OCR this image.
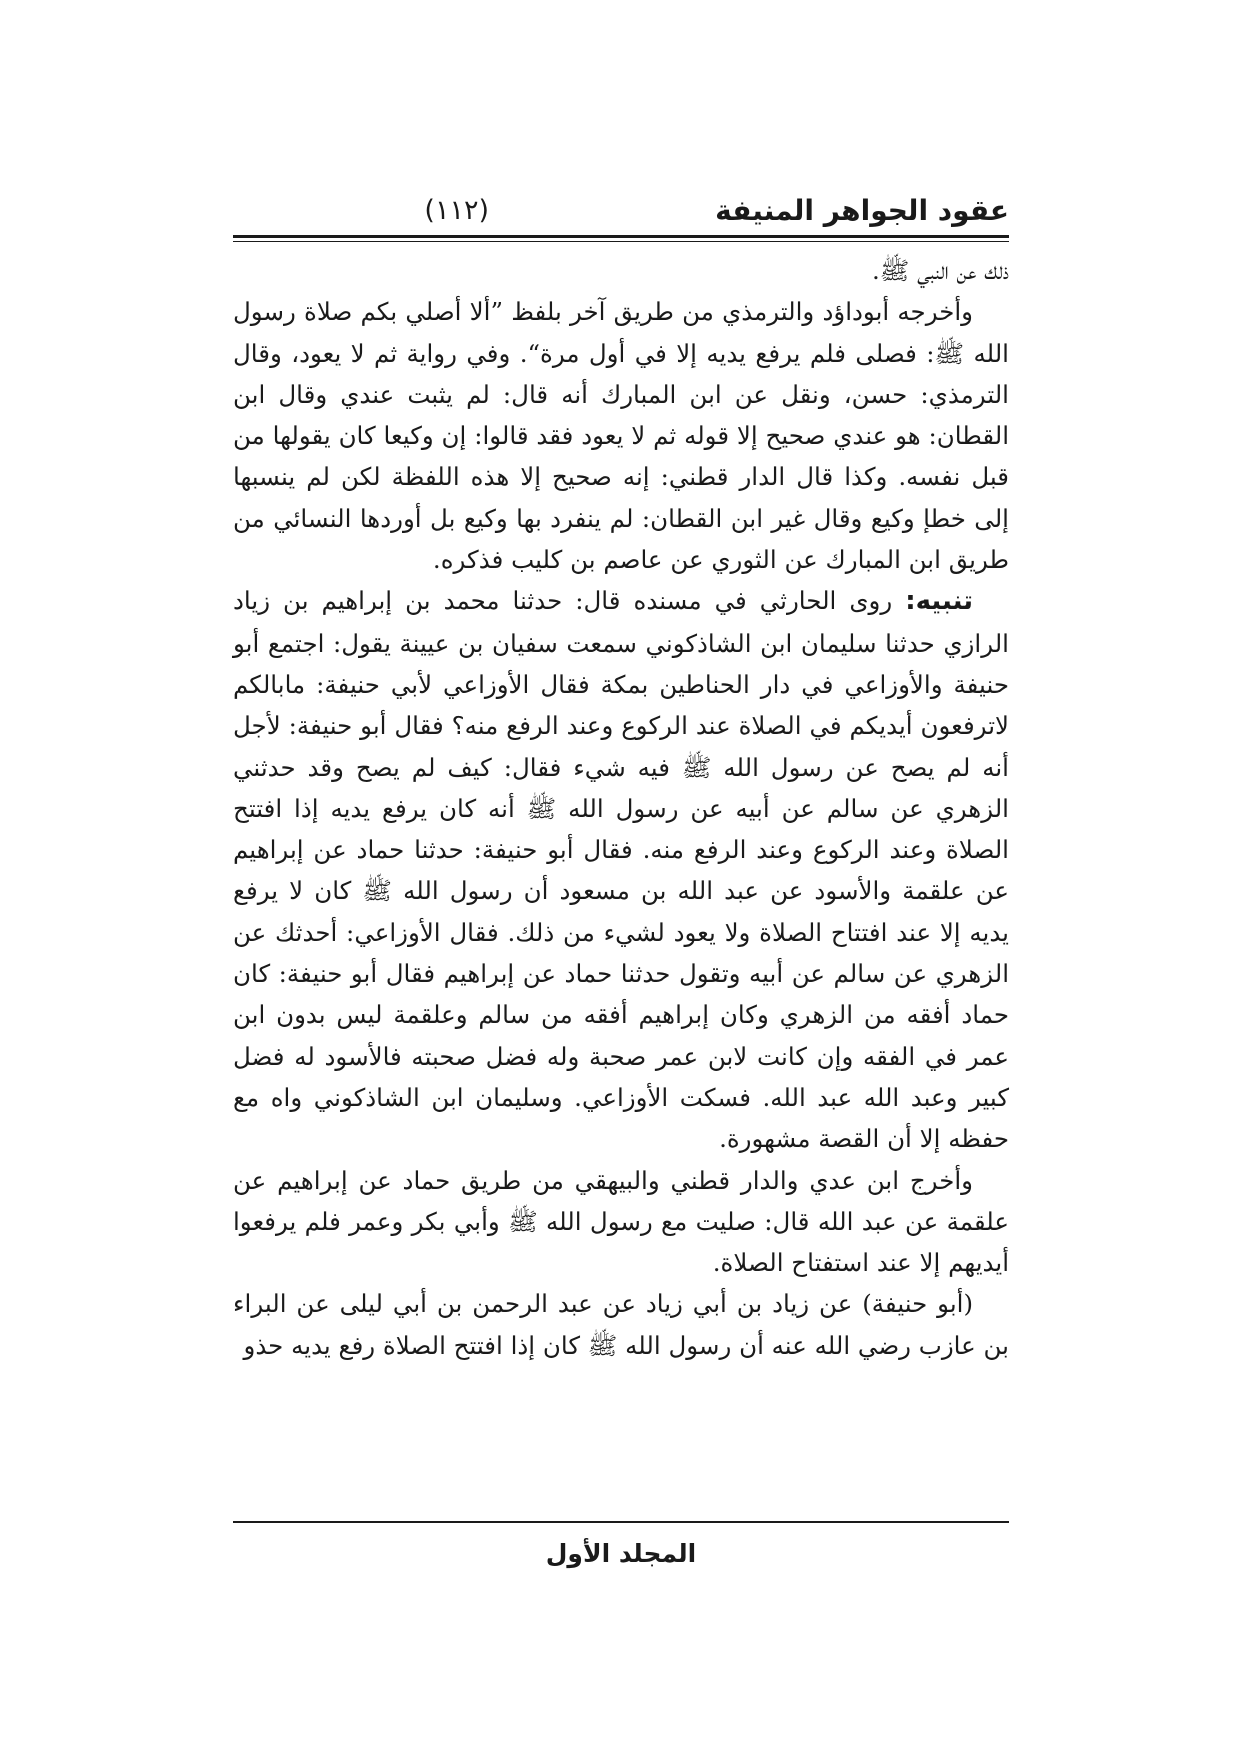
عقود الجواهر المنيفة
(١١٢)

ذلك عن النبي ﷺ.

وأخرجه أبوداؤد والترمذي من طريق آخر بلفظ ”ألا أصلي بكم صلاة رسول الله ﷺ: فصلى فلم يرفع يديه إلا في أول مرة“. وفي رواية ثم لا يعود، وقال الترمذي: حسن، ونقل عن ابن المبارك أنه قال: لم يثبت عندي وقال ابن القطان: هو عندي صحيح إلا قوله ثم لا يعود فقد قالوا: إن وكيعا كان يقولها من قبل نفسه. وكذا قال الدار قطني: إنه صحيح إلا هذه اللفظة لكن لم ينسبها إلى خطإ وكيع وقال غير ابن القطان: لم ينفرد بها وكيع بل أوردها النسائي من طريق ابن المبارك عن الثوري عن عاصم بن كليب فذكره.

تنبيه: روى الحارثي في مسنده قال: حدثنا محمد بن إبراهيم بن زياد الرازي حدثنا سليمان ابن الشاذكوني سمعت سفيان بن عيينة يقول: اجتمع أبو حنيفة والأوزاعي في دار الحناطين بمكة فقال الأوزاعي لأبي حنيفة: مابالكم لاترفعون أيديكم في الصلاة عند الركوع وعند الرفع منه؟ فقال أبو حنيفة: لأجل أنه لم يصح عن رسول الله ﷺ فيه شيء فقال: كيف لم يصح وقد حدثني الزهري عن سالم عن أبيه عن رسول الله ﷺ أنه كان يرفع يديه إذا افتتح الصلاة وعند الركوع وعند الرفع منه. فقال أبو حنيفة: حدثنا حماد عن إبراهيم عن علقمة والأسود عن عبد الله بن مسعود أن رسول الله ﷺ كان لا يرفع يديه إلا عند افتتاح الصلاة ولا يعود لشيء من ذلك. فقال الأوزاعي: أحدثك عن الزهري عن سالم عن أبيه وتقول حدثنا حماد عن إبراهيم فقال أبو حنيفة: كان حماد أفقه من الزهري وكان إبراهيم أفقه من سالم وعلقمة ليس بدون ابن عمر في الفقه وإن كانت لابن عمر صحبة وله فضل صحبته فالأسود له فضل كبير وعبد الله عبد الله. فسكت الأوزاعي. وسليمان ابن الشاذكوني واه مع حفظه إلا أن القصة مشهورة.

وأخرج ابن عدي والدار قطني والبيهقي من طريق حماد عن إبراهيم عن علقمة عن عبد الله قال: صليت مع رسول الله ﷺ وأبي بكر وعمر فلم يرفعوا أيديهم إلا عند استفتاح الصلاة.

(أبو حنيفة) عن زياد بن أبي زياد عن عبد الرحمن بن أبي ليلى عن البراء بن عازب رضي الله عنه أن رسول الله ﷺ كان إذا افتتح الصلاة رفع يديه حذو

المجلد الأول
